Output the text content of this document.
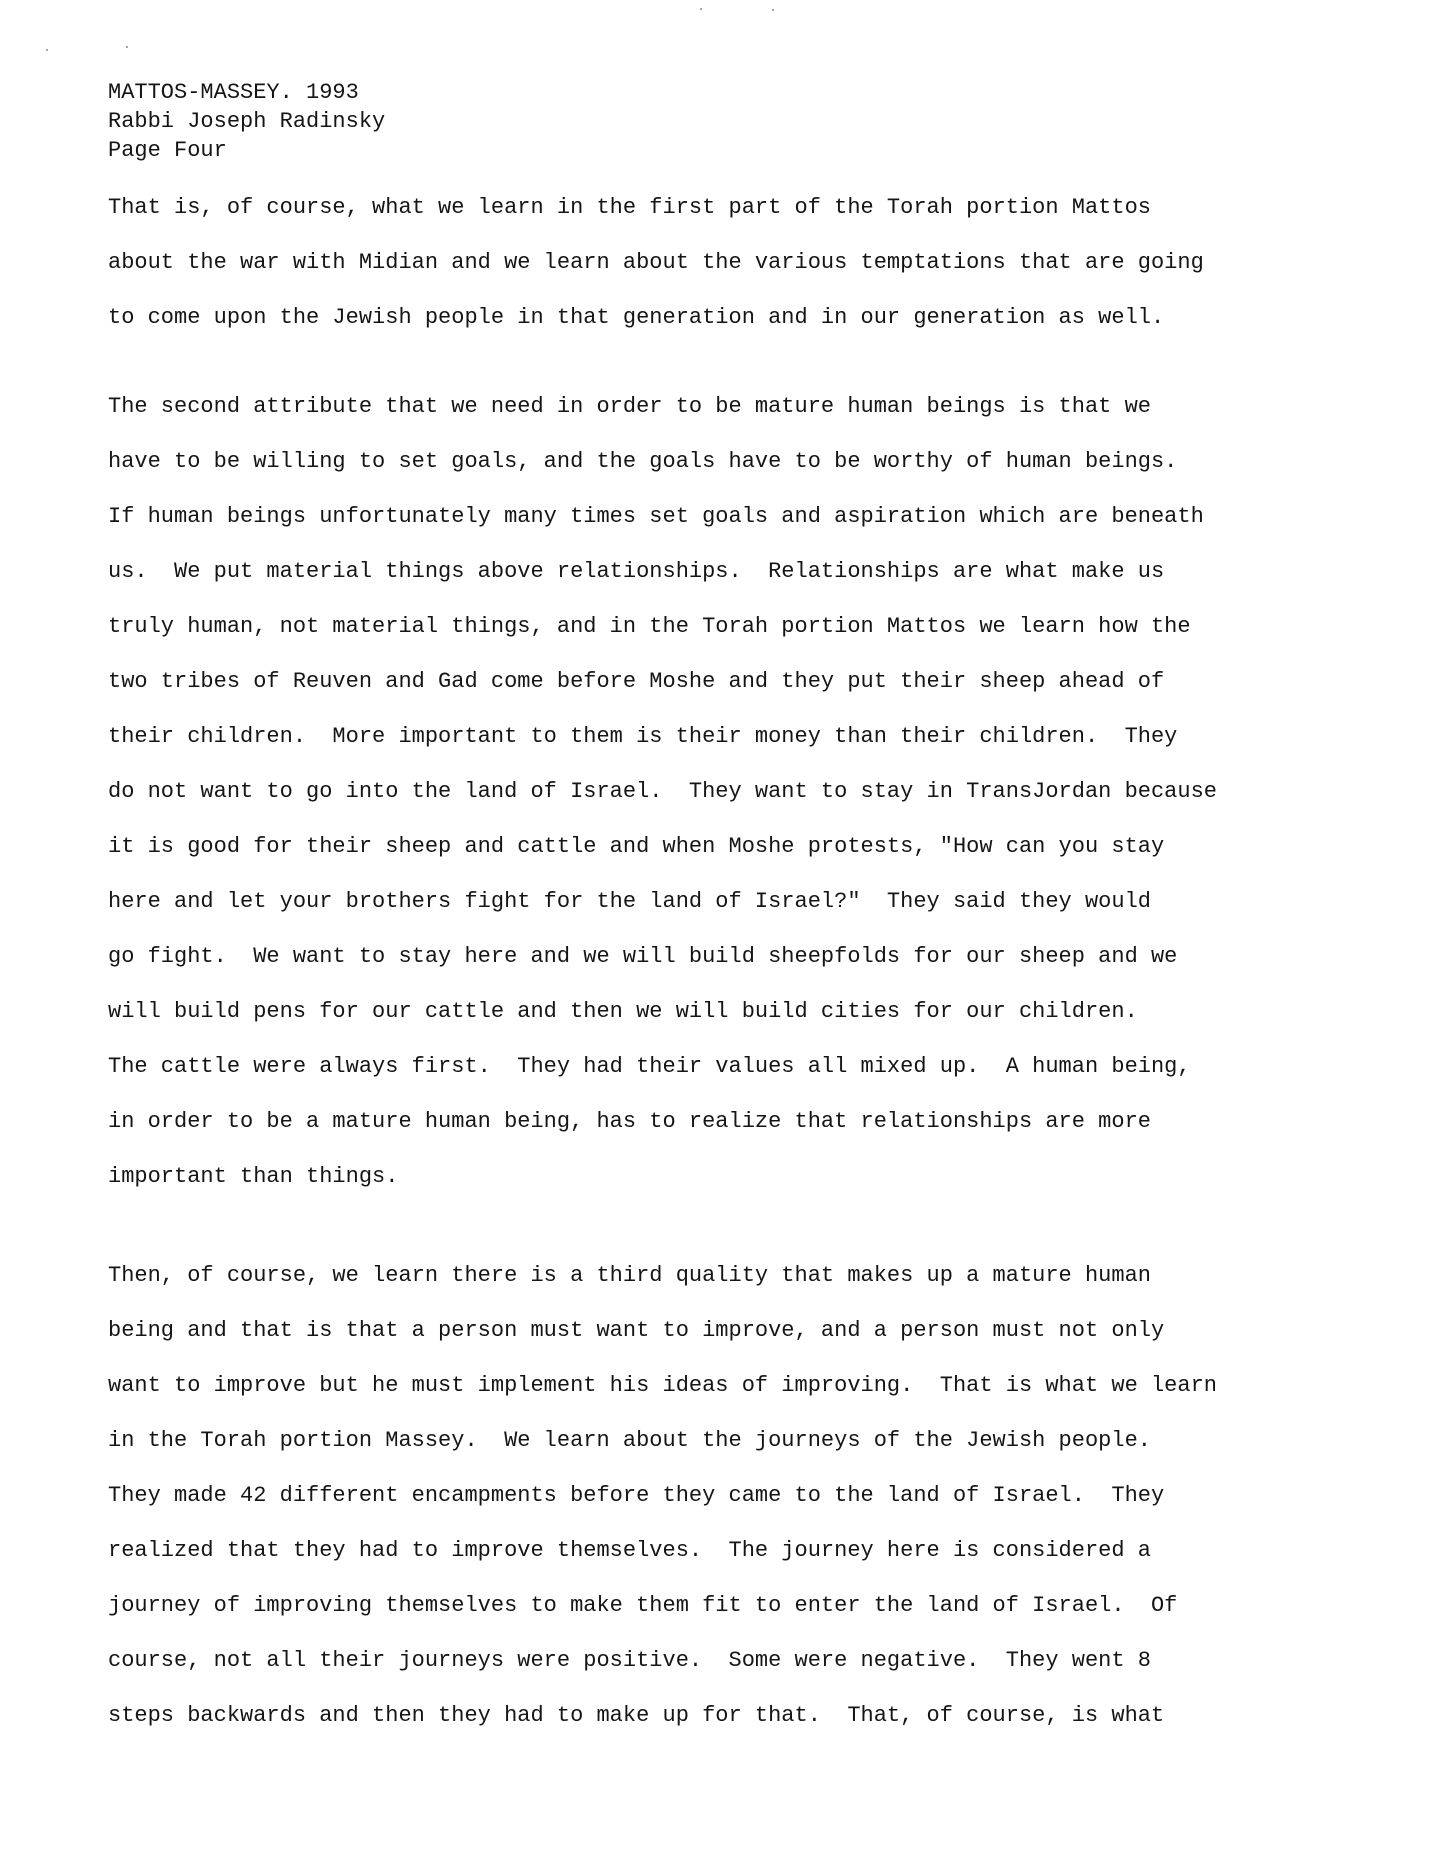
MATTOS-MASSEY. 1993
Rabbi Joseph Radinsky
Page Four
That is, of course, what we learn in the first part of the Torah portion Mattos
about the war with Midian and we learn about the various temptations that are going
to come upon the Jewish people in that generation and in our generation as well.
The second attribute that we need in order to be mature human beings is that we
have to be willing to set goals, and the goals have to be worthy of human beings.
If human beings unfortunately many times set goals and aspiration which are beneath
us.  We put material things above relationships.  Relationships are what make us
truly human, not material things, and in the Torah portion Mattos we learn how the
two tribes of Reuven and Gad come before Moshe and they put their sheep ahead of
their children.  More important to them is their money than their children.  They
do not want to go into the land of Israel.  They want to stay in TransJordan because
it is good for their sheep and cattle and when Moshe protests, "How can you stay
here and let your brothers fight for the land of Israel?"  They said they would
go fight.  We want to stay here and we will build sheepfolds for our sheep and we
will build pens for our cattle and then we will build cities for our children.
The cattle were always first.  They had their values all mixed up.  A human being,
in order to be a mature human being, has to realize that relationships are more
important than things.
Then, of course, we learn there is a third quality that makes up a mature human
being and that is that a person must want to improve, and a person must not only
want to improve but he must implement his ideas of improving.  That is what we learn
in the Torah portion Massey.  We learn about the journeys of the Jewish people.
They made 42 different encampments before they came to the land of Israel.  They
realized that they had to improve themselves.  The journey here is considered a
journey of improving themselves to make them fit to enter the land of Israel.  Of
course, not all their journeys were positive.  Some were negative.  They went 8
steps backwards and then they had to make up for that.  That, of course, is what
